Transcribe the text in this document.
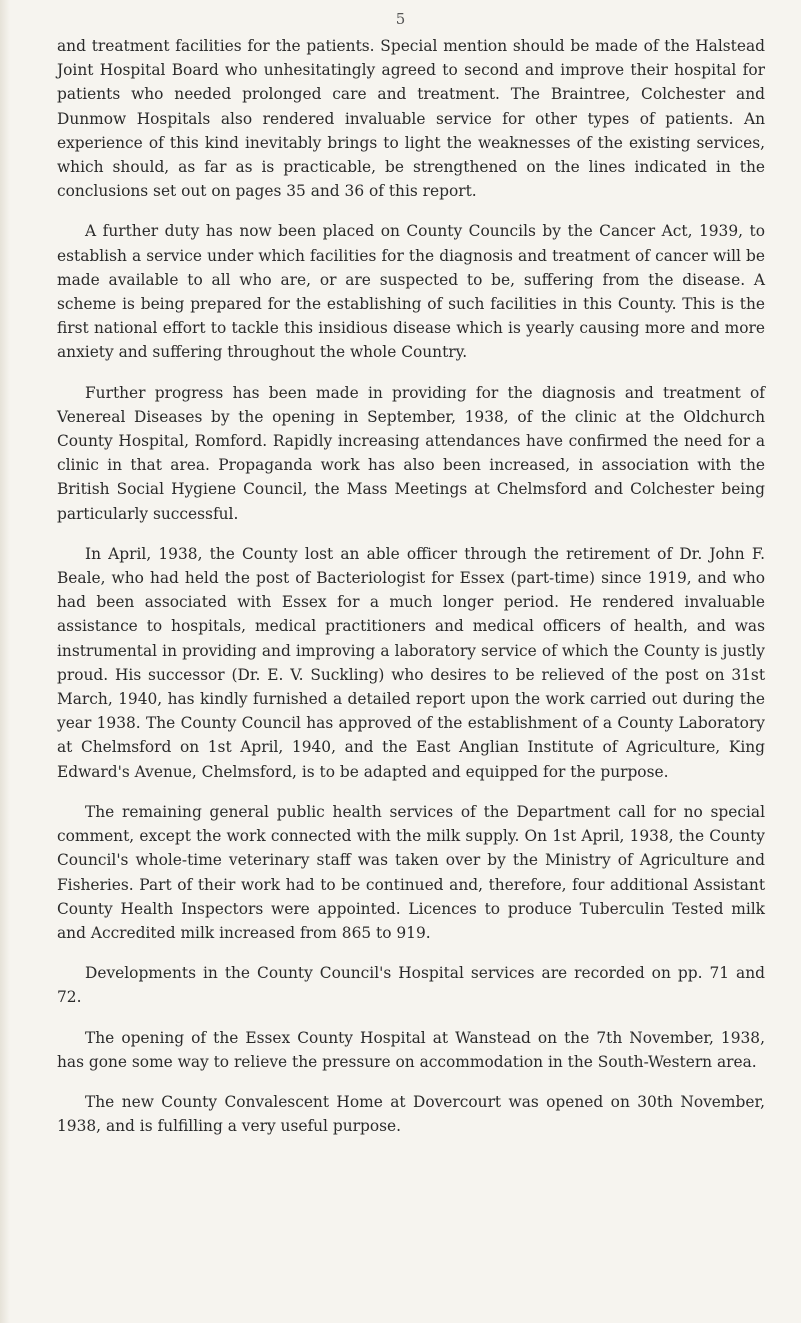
5

and treatment facilities for the patients. Special mention should be made of the Halstead Joint Hospital Board who unhesitatingly agreed to second and improve their hospital for patients who needed prolonged care and treatment. The Braintree, Colchester and Dunmow Hospitals also rendered invaluable service for other types of patients. An experience of this kind inevitably brings to light the weaknesses of the existing services, which should, as far as is practicable, be strengthened on the lines indicated in the conclusions set out on pages 35 and 36 of this report.

A further duty has now been placed on County Councils by the Cancer Act, 1939, to establish a service under which facilities for the diagnosis and treatment of cancer will be made available to all who are, or are suspected to be, suffering from the disease. A scheme is being prepared for the establishing of such facilities in this County. This is the first national effort to tackle this insidious disease which is yearly causing more and more anxiety and suffering throughout the whole Country.

Further progress has been made in providing for the diagnosis and treatment of Venereal Diseases by the opening in September, 1938, of the clinic at the Oldchurch County Hospital, Romford. Rapidly increasing attendances have confirmed the need for a clinic in that area. Propaganda work has also been increased, in association with the British Social Hygiene Council, the Mass Meetings at Chelmsford and Colchester being particularly successful.

In April, 1938, the County lost an able officer through the retirement of Dr. John F. Beale, who had held the post of Bacteriologist for Essex (part-time) since 1919, and who had been associated with Essex for a much longer period. He rendered invaluable assistance to hospitals, medical practitioners and medical officers of health, and was instrumental in providing and improving a laboratory service of which the County is justly proud. His successor (Dr. E. V. Suckling) who desires to be relieved of the post on 31st March, 1940, has kindly furnished a detailed report upon the work carried out during the year 1938. The County Council has approved of the establishment of a County Laboratory at Chelmsford on 1st April, 1940, and the East Anglian Institute of Agriculture, King Edward's Avenue, Chelmsford, is to be adapted and equipped for the purpose.

The remaining general public health services of the Department call for no special comment, except the work connected with the milk supply. On 1st April, 1938, the County Council's whole-time veterinary staff was taken over by the Ministry of Agriculture and Fisheries. Part of their work had to be continued and, therefore, four additional Assistant County Health Inspectors were appointed. Licences to produce Tuberculin Tested milk and Accredited milk increased from 865 to 919.

Developments in the County Council's Hospital services are recorded on pp. 71 and 72.

The opening of the Essex County Hospital at Wanstead on the 7th November, 1938, has gone some way to relieve the pressure on accommodation in the South-Western area.

The new County Convalescent Home at Dovercourt was opened on 30th November, 1938, and is fulfilling a very useful purpose.
